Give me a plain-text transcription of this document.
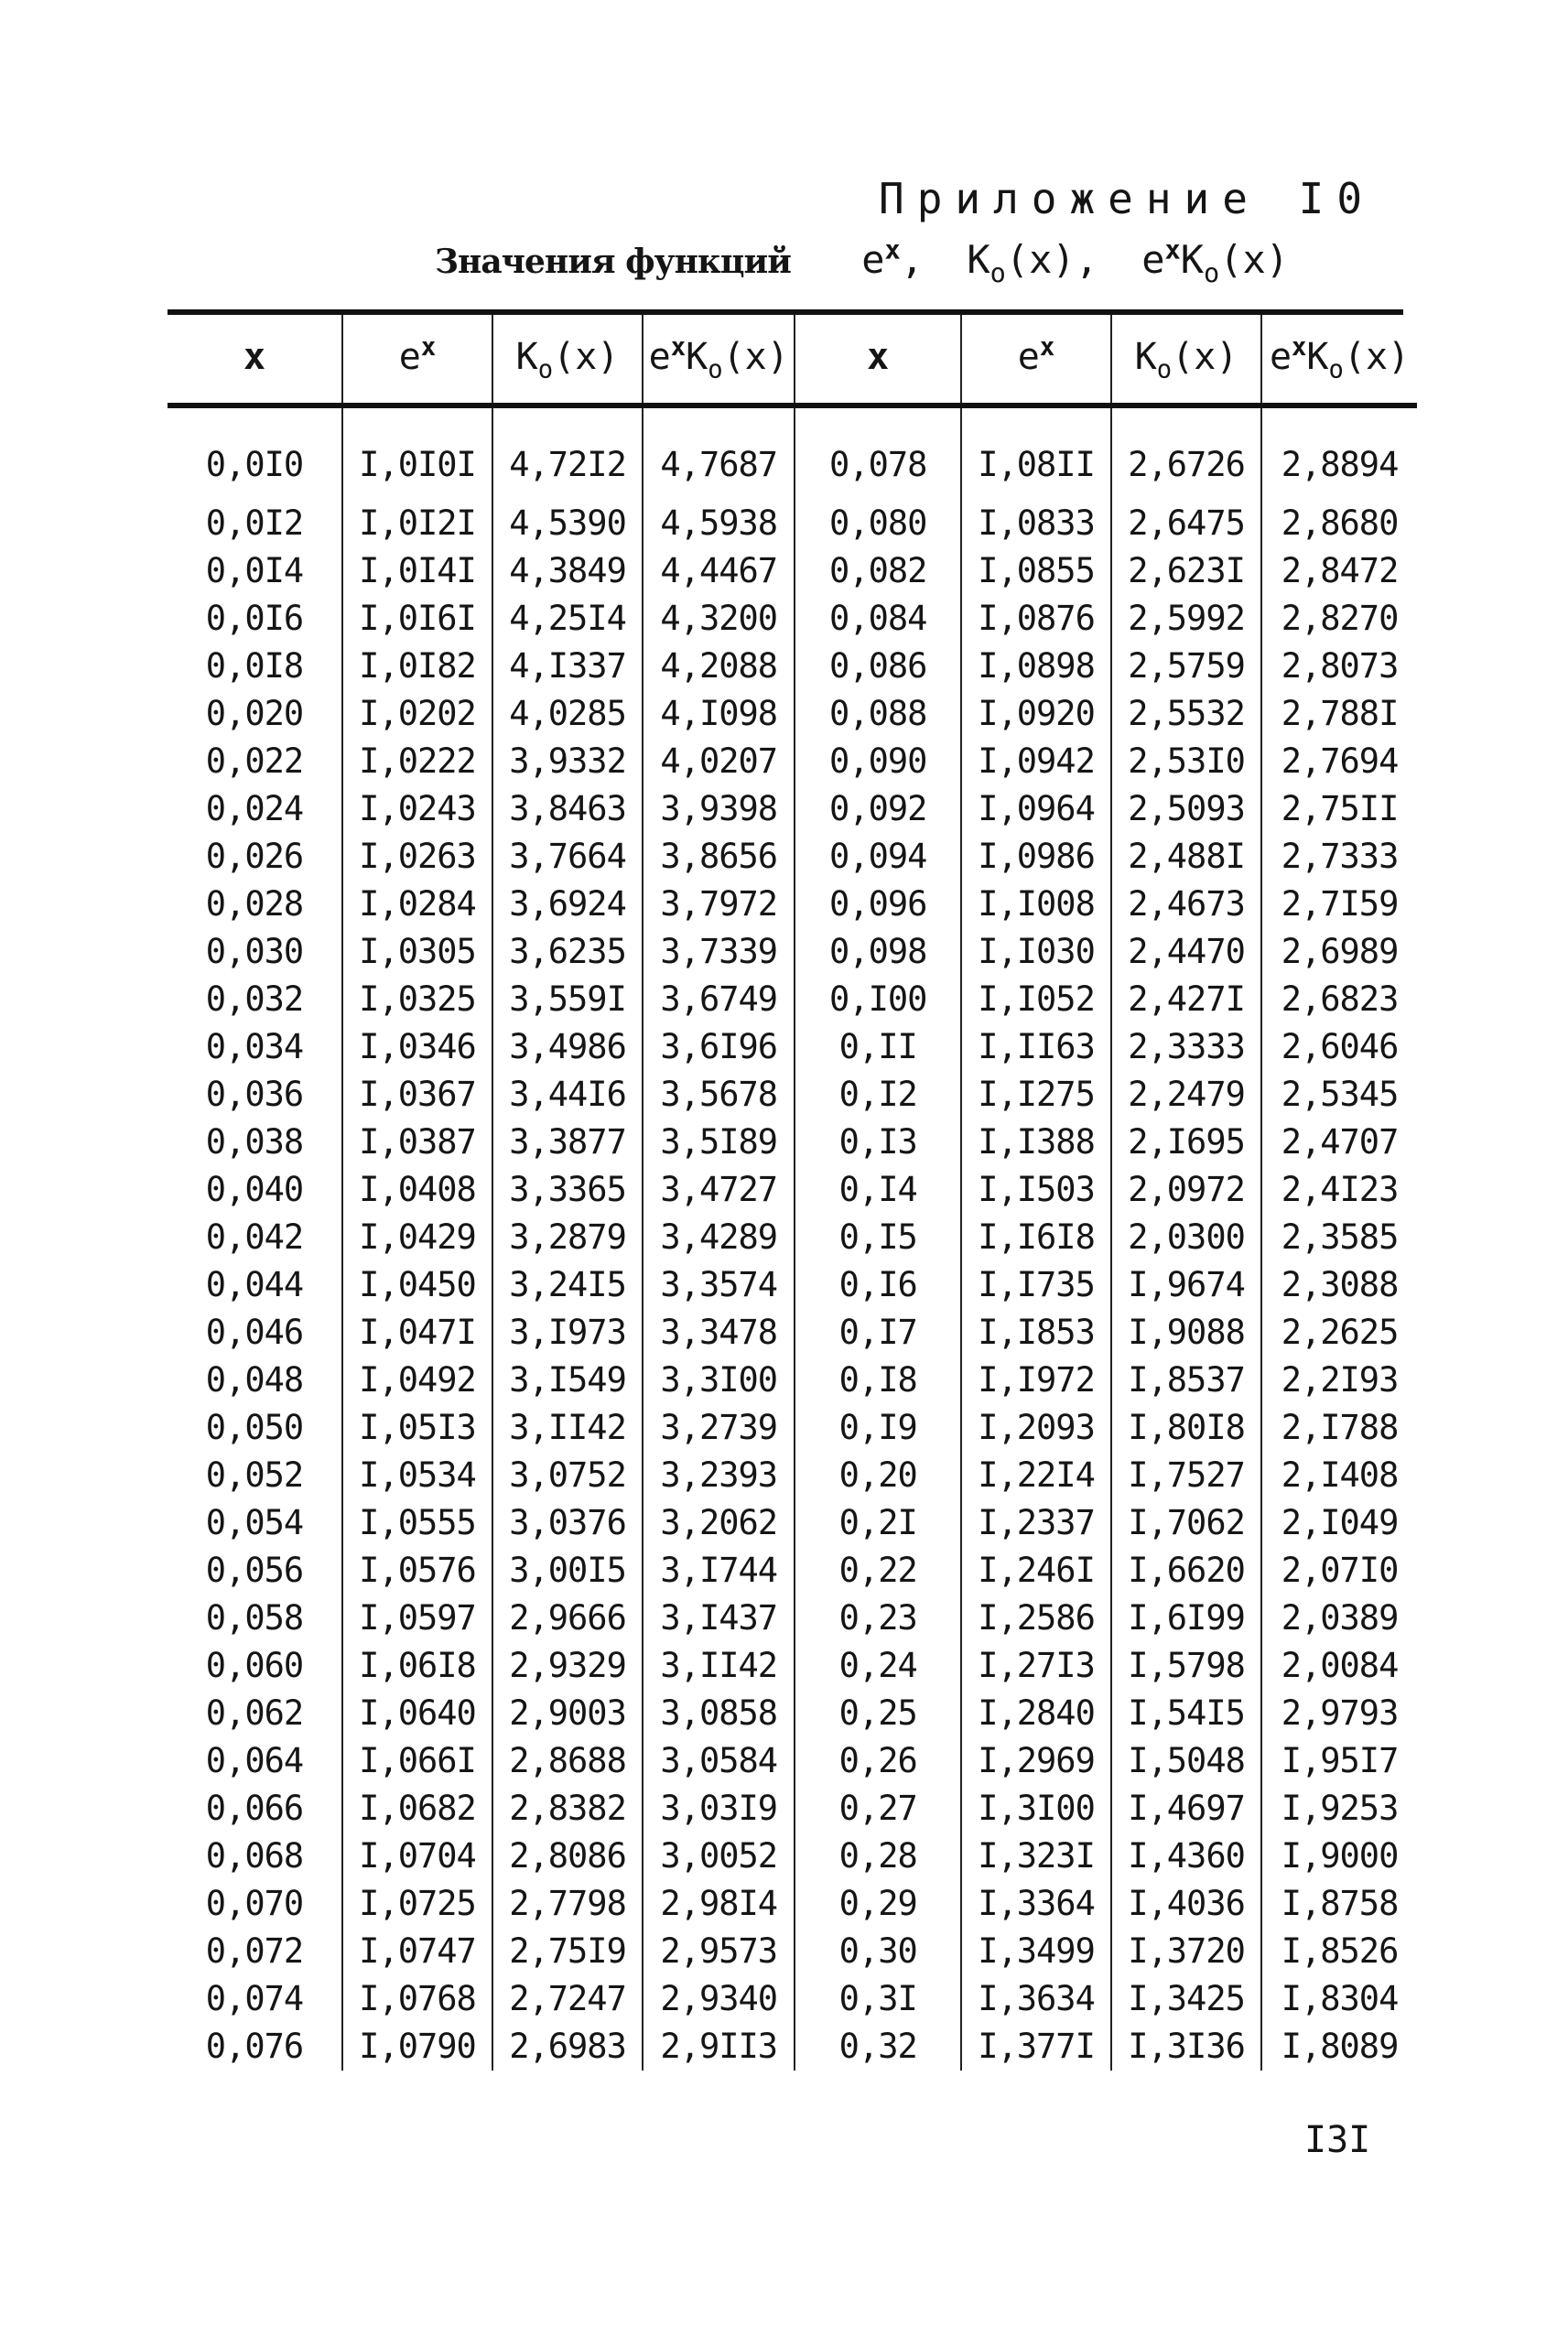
Приложение I0
Значения функций $e^x$, $K_o(x)$, $e^xK_o(x)$
x	$e^x$	$K_o(x)$	$e^xK_o(x)$	x	$e^x$	$K_o(x)$	$e^xK_o(x)$
0,0I0	I,0I0I	4,72I2	4,7687	0,078	I,08II	2,6726	2,8894
0,0I2	I,0I2I	4,5390	4,5938	0,080	I,0833	2,6475	2,8680
0,0I4	I,0I4I	4,3849	4,4467	0,082	I,0855	2,623I	2,8472
0,0I6	I,0I6I	4,25I4	4,3200	0,084	I,0876	2,5992	2,8270
0,0I8	I,0I82	4,I337	4,2088	0,086	I,0898	2,5759	2,8073
0,020	I,0202	4,0285	4,I098	0,088	I,0920	2,5532	2,788I
0,022	I,0222	3,9332	4,0207	0,090	I,0942	2,53I0	2,7694
0,024	I,0243	3,8463	3,9398	0,092	I,0964	2,5093	2,75II
0,026	I,0263	3,7664	3,8656	0,094	I,0986	2,488I	2,7333
0,028	I,0284	3,6924	3,7972	0,096	I,I008	2,4673	2,7I59
0,030	I,0305	3,6235	3,7339	0,098	I,I030	2,4470	2,6989
0,032	I,0325	3,559I	3,6749	0,I00	I,I052	2,427I	2,6823
0,034	I,0346	3,4986	3,6I96	0,II	I,II63	2,3333	2,6046
0,036	I,0367	3,44I6	3,5678	0,I2	I,I275	2,2479	2,5345
0,038	I,0387	3,3877	3,5I89	0,I3	I,I388	2,I695	2,4707
0,040	I,0408	3,3365	3,4727	0,I4	I,I503	2,0972	2,4I23
0,042	I,0429	3,2879	3,4289	0,I5	I,I6I8	2,0300	2,3585
0,044	I,0450	3,24I5	3,3574	0,I6	I,I735	I,9674	2,3088
0,046	I,047I	3,I973	3,3478	0,I7	I,I853	I,9088	2,2625
0,048	I,0492	3,I549	3,3I00	0,I8	I,I972	I,8537	2,2I93
0,050	I,05I3	3,II42	3,2739	0,I9	I,2093	I,80I8	2,I788
0,052	I,0534	3,0752	3,2393	0,20	I,22I4	I,7527	2,I408
0,054	I,0555	3,0376	3,2062	0,2I	I,2337	I,7062	2,I049
0,056	I,0576	3,00I5	3,I744	0,22	I,246I	I,6620	2,07I0
0,058	I,0597	2,9666	3,I437	0,23	I,2586	I,6I99	2,0389
0,060	I,06I8	2,9329	3,II42	0,24	I,27I3	I,5798	2,0084
0,062	I,0640	2,9003	3,0858	0,25	I,2840	I,54I5	2,9793
0,064	I,066I	2,8688	3,0584	0,26	I,2969	I,5048	I,95I7
0,066	I,0682	2,8382	3,03I9	0,27	I,3I00	I,4697	I,9253
0,068	I,0704	2,8086	3,0052	0,28	I,323I	I,4360	I,9000
0,070	I,0725	2,7798	2,98I4	0,29	I,3364	I,4036	I,8758
0,072	I,0747	2,75I9	2,9573	0,30	I,3499	I,3720	I,8526
0,074	I,0768	2,7247	2,9340	0,3I	I,3634	I,3425	I,8304
0,076	I,0790	2,6983	2,9II3	0,32	I,377I	I,3I36	I,8089
I3I
